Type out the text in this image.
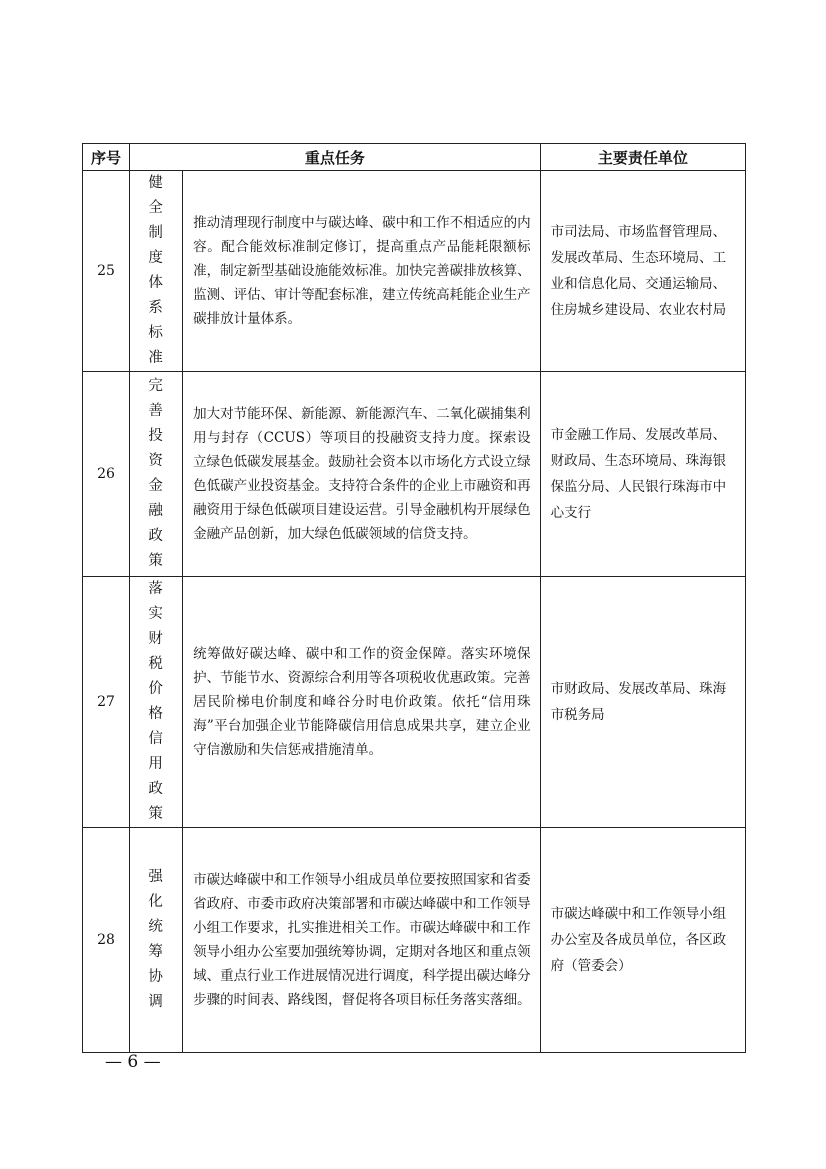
序号	重点任务		主要责任单位
25	健全制度体系标准	推动清理现行制度中与碳达峰、碳中和工作不相适应的内容。配合能效标准制定修订，提高重点产品能耗限额标准，制定新型基础设施能效标准。加快完善碳排放核算、监测、评估、审计等配套标准，建立传统高耗能企业生产碳排放计量体系。	市司法局、市场监督管理局、发展改革局、生态环境局、工业和信息化局、交通运输局、住房城乡建设局、农业农村局
26	完善投资金融政策	加大对节能环保、新能源、新能源汽车、二氧化碳捕集利用与封存（CCUS）等项目的投融资支持力度。探索设立绿色低碳发展基金。鼓励社会资本以市场化方式设立绿色低碳产业投资基金。支持符合条件的企业上市融资和再融资用于绿色低碳项目建设运营。引导金融机构开展绿色金融产品创新，加大绿色低碳领域的信贷支持。	市金融工作局、发展改革局、财政局、生态环境局、珠海银保监分局、人民银行珠海市中心支行
27	落实财税价格信用政策	统筹做好碳达峰、碳中和工作的资金保障。落实环境保护、节能节水、资源综合利用等各项税收优惠政策。完善居民阶梯电价制度和峰谷分时电价政策。依托“信用珠海”平台加强企业节能降碳信用信息成果共享，建立企业守信激励和失信惩戒措施清单。	市财政局、发展改革局、珠海市税务局
28	强化统筹协调	市碳达峰碳中和工作领导小组成员单位要按照国家和省委省政府、市委市政府决策部署和市碳达峰碳中和工作领导小组工作要求，扎实推进相关工作。市碳达峰碳中和工作领导小组办公室要加强统筹协调，定期对各地区和重点领域、重点行业工作进展情况进行调度，科学提出碳达峰分步骤的时间表、路线图，督促将各项目标任务落实落细。	市碳达峰碳中和工作领导小组办公室及各成员单位，各区政府（管委会）
— 6 —
